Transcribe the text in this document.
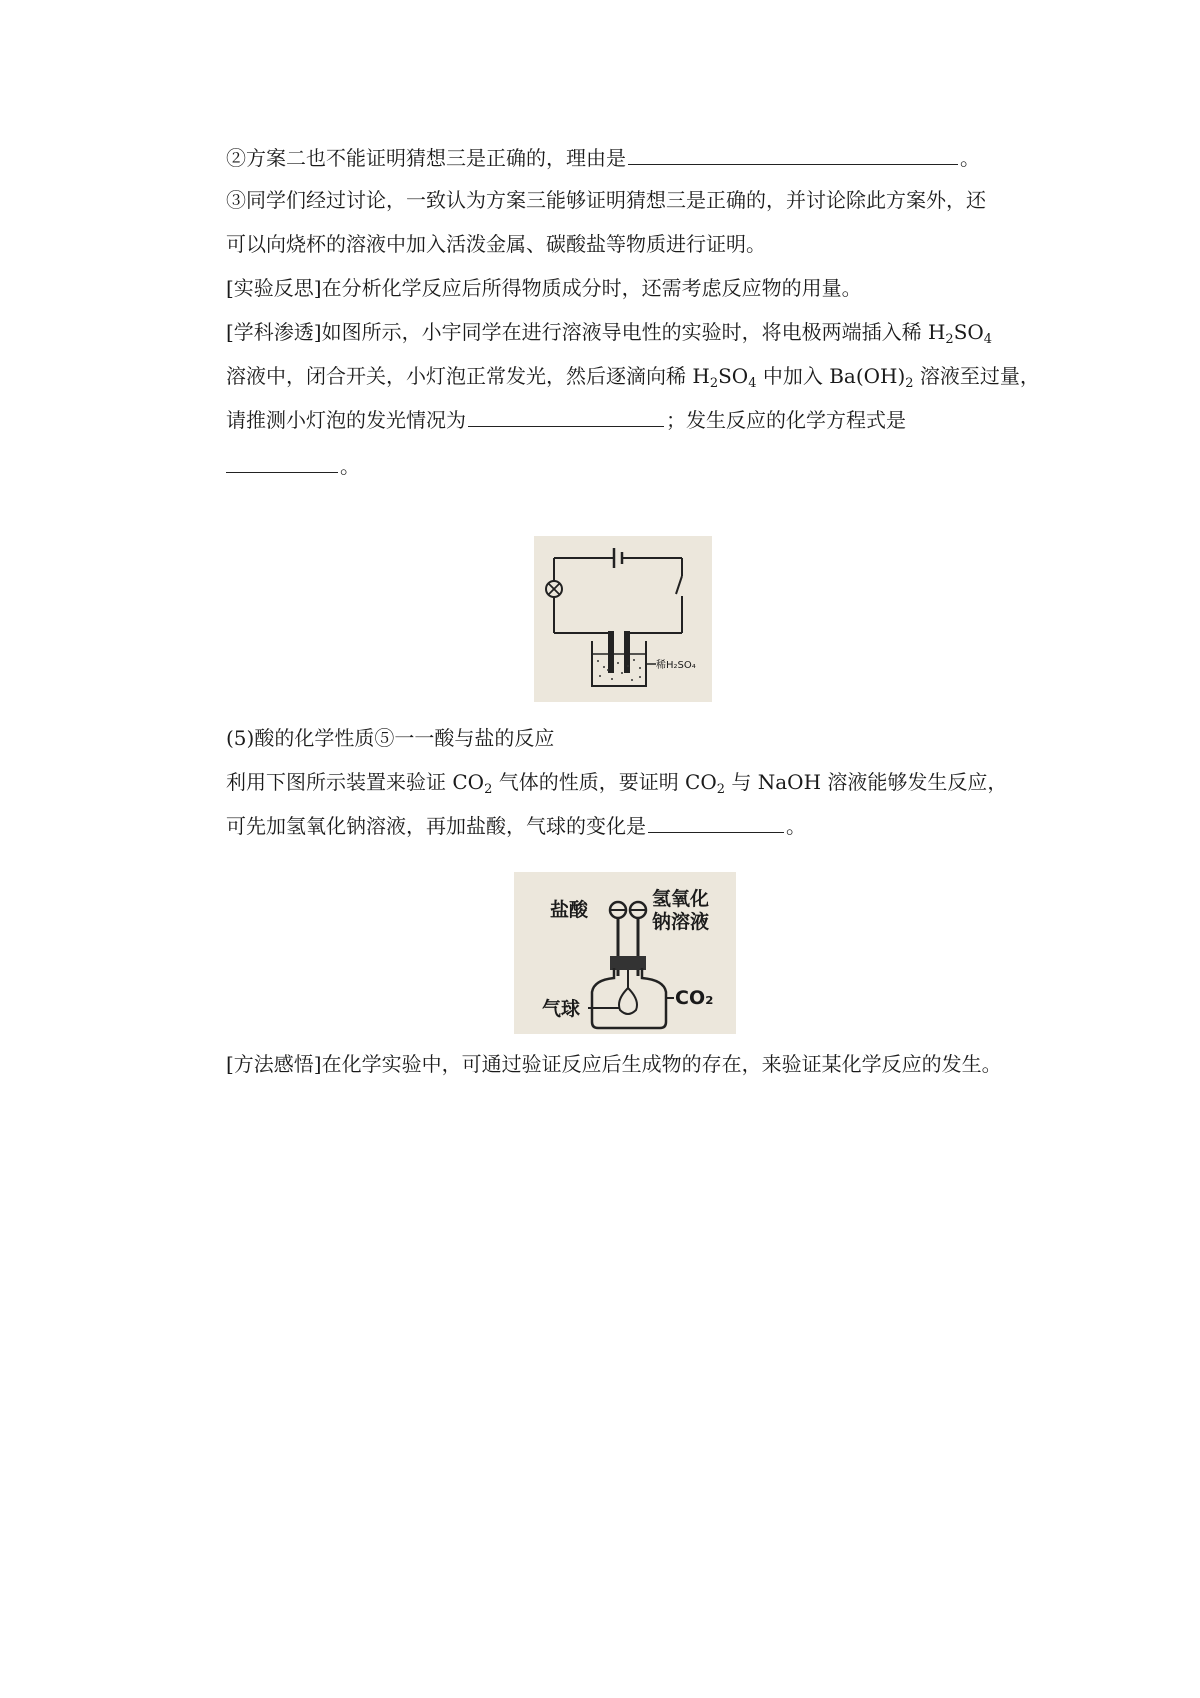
②方案二也不能证明猜想三是正确的，理由是	。
③同学们经过讨论，一致认为方案三能够证明猜想三是正确的，并讨论除此方案外，还
可以向烧杯的溶液中加入活泼金属、碳酸盐等物质进行证明。
[实验反思]在分析化学反应后所得物质成分时，还需考虑反应物的用量。
[学科渗透]如图所示，小宇同学在进行溶液导电性的实验时，将电极两端插入稀 $H_2SO_4$
溶液中，闭合开关，小灯泡正常发光，然后逐滴向稀 $H_2SO_4$ 中加入 $Ba(OH)_2$ 溶液至过量，
请推测小灯泡的发光情况为	；发生反应的化学方程式是
。
稀H₂SO₄
(5)酸的化学性质⑤一一酸与盐的反应
利用下图所示装置来验证 $CO_2$ 气体的性质，要证明 $CO_2$ 与 NaOH 溶液能够发生反应，
可先加氢氧化钠溶液，再加盐酸，气球的变化是	。
盐酸	氢氧化
钠溶液
气球	CO₂
[方法感悟]在化学实验中，可通过验证反应后生成物的存在，来验证某化学反应的发生。
